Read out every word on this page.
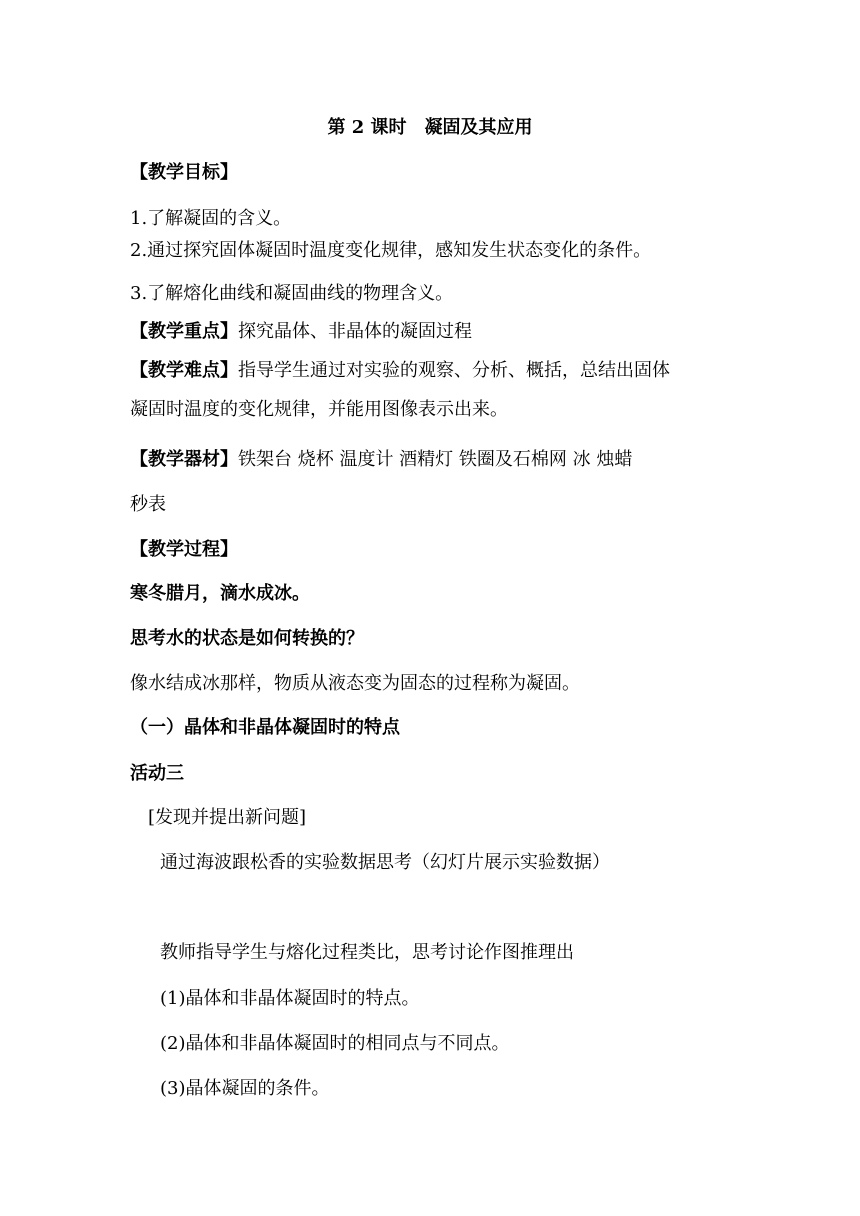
第 2 课时　凝固及其应用
【教学目标】
1.了解凝固的含义。
2.通过探究固体凝固时温度变化规律，感知发生状态变化的条件。
3.了解熔化曲线和凝固曲线的物理含义。
【教学重点】探究晶体、非晶体的凝固过程
【教学难点】指导学生通过对实验的观察、分析、概括，总结出固体
凝固时温度的变化规律，并能用图像表示出来。
【教学器材】铁架台 烧杯 温度计 酒精灯 铁圈及石棉网 冰 烛蜡
秒表
【教学过程】
寒冬腊月，滴水成冰。
思考水的状态是如何转换的？
像水结成冰那样，物质从液态变为固态的过程称为凝固。
（一）晶体和非晶体凝固时的特点
活动三
[发现并提出新问题]
通过海波跟松香的实验数据思考（幻灯片展示实验数据）
教师指导学生与熔化过程类比，思考讨论作图推理出
(1)晶体和非晶体凝固时的特点。
(2)晶体和非晶体凝固时的相同点与不同点。
(3)晶体凝固的条件。
